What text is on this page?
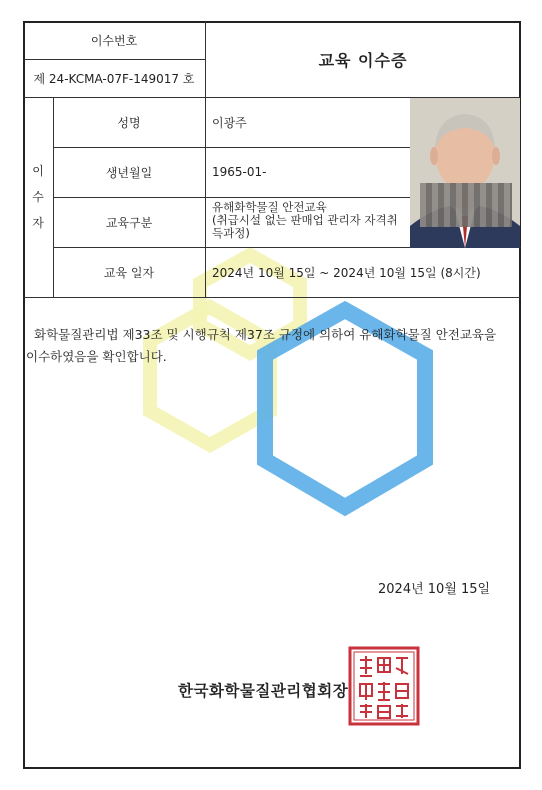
이수번호
제 24-KCMA-07F-149017 호
교육 이수증
이
수
자
성명
생년월일
교육구분
교육 일자
이광주
1965-01-
유해화학물질 안전교육
(취급시설 없는 판매업 관리자 자격취
득과정)
2024년 10월 15일 ~ 2024년 10월 15일 (8시간)
화학물질관리법 제33조 및 시행규칙 제37조 규정에 의하여 유해화학물질 안전교육을
이수하였음을 확인합니다.
2024년 10월 15일
한국화학물질관리협회장
